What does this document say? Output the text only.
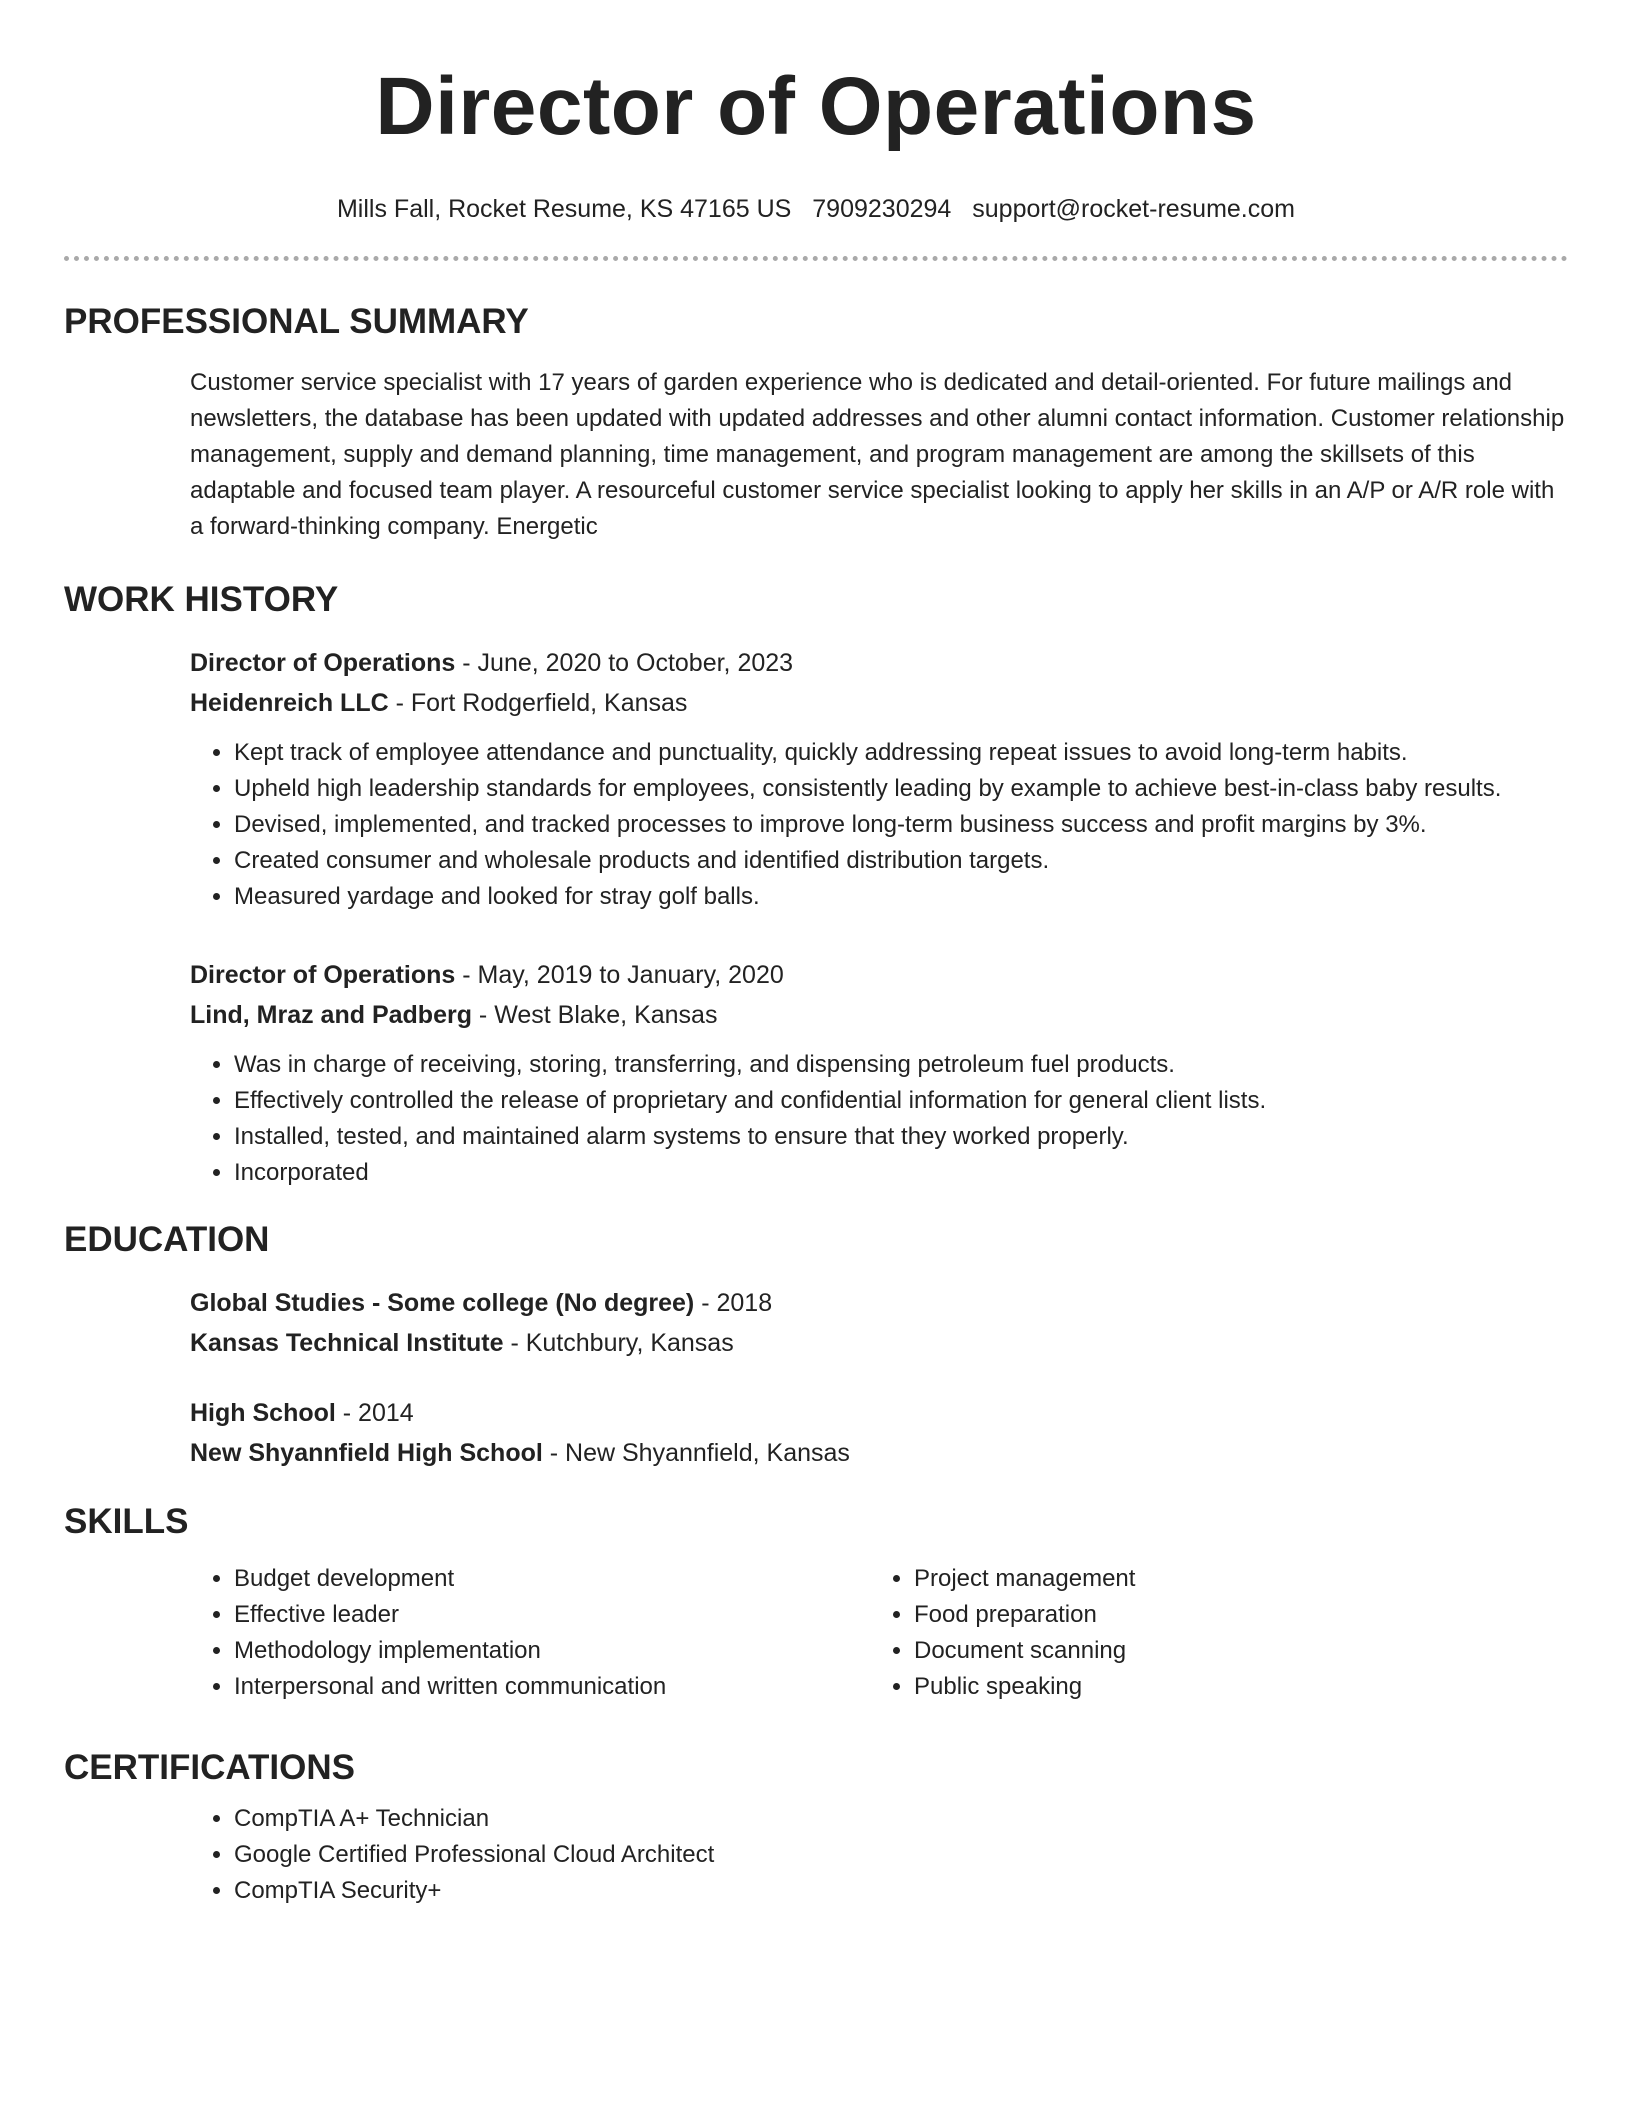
Director of Operations
Mills Fall, Rocket Resume, KS 47165 US 7909230294 support@rocket-resume.com
PROFESSIONAL SUMMARY

Customer service specialist with 17 years of garden experience who is dedicated and detail-oriented. For future mailings and newsletters, the database has been updated with updated addresses and other alumni contact information. Customer relationship management, supply and demand planning, time management, and program management are among the skillsets of this adaptable and focused team player. A resourceful customer service specialist looking to apply her skills in an A/P or A/R role with a forward-thinking company. Energetic

WORK HISTORY
Director of Operations - June, 2020 to October, 2023
Heidenreich LLC - Fort Rodgerfield, Kansas
• Kept track of employee attendance and punctuality, quickly addressing repeat issues to avoid long-term habits.
• Upheld high leadership standards for employees, consistently leading by example to achieve best-in-class baby results.
• Devised, implemented, and tracked processes to improve long-term business success and profit margins by 3%.
• Created consumer and wholesale products and identified distribution targets.
• Measured yardage and looked for stray golf balls.
Director of Operations - May, 2019 to January, 2020
Lind, Mraz and Padberg - West Blake, Kansas
• Was in charge of receiving, storing, transferring, and dispensing petroleum fuel products.
• Effectively controlled the release of proprietary and confidential information for general client lists.
• Installed, tested, and maintained alarm systems to ensure that they worked properly.
• Incorporated
EDUCATION
Global Studies - Some college (No degree) - 2018
Kansas Technical Institute - Kutchbury, Kansas
High School - 2014
New Shyannfield High School - New Shyannfield, Kansas
SKILLS
• Budget development
• Effective leader
• Methodology implementation
• Interpersonal and written communication
• Project management
• Food preparation
• Document scanning
• Public speaking
CERTIFICATIONS
• CompTIA A+ Technician
• Google Certified Professional Cloud Architect
• CompTIA Security+
